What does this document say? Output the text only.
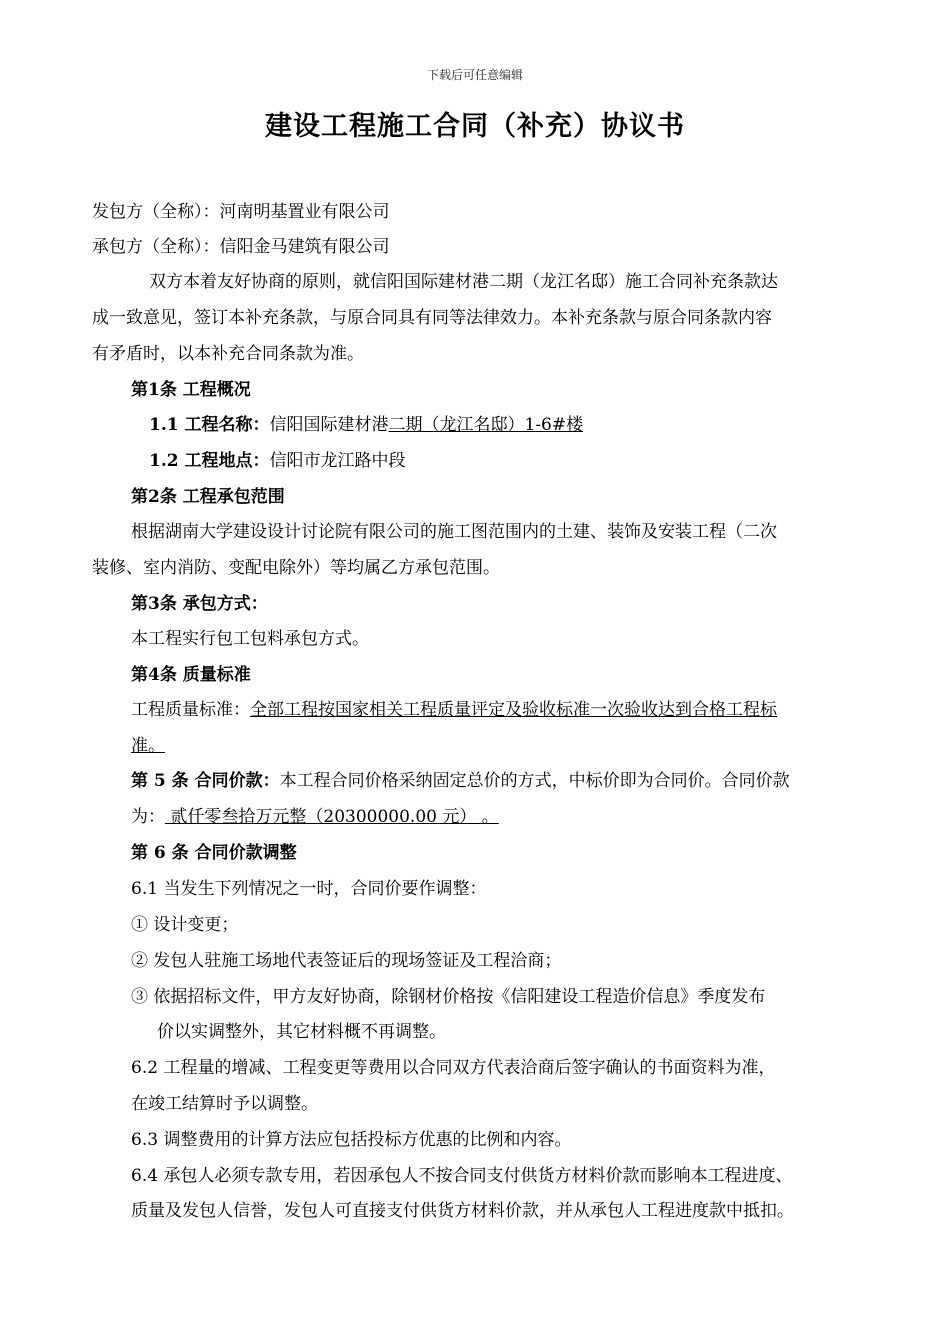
下载后可任意编辑
建设工程施工合同（补充）协议书
发包方（全称）：河南明基置业有限公司
承包方（全称）：信阳金马建筑有限公司
双方本着友好协商的原则，就信阳国际建材港二期（龙江名邸）施工合同补充条款达
成一致意见，签订本补充条款，与原合同具有同等法律效力。本补充条款与原合同条款内容
有矛盾时，以本补充合同条款为准。
第1条 工程概况
1.1 工程名称：信阳国际建材港二期（龙江名邸）1-6#楼
1.2 工程地点：信阳市龙江路中段
第2条 工程承包范围
根据湖南大学建设设计讨论院有限公司的施工图范围内的土建、装饰及安装工程（二次
装修、室内消防、变配电除外）等均属乙方承包范围。
第3条 承包方式：
本工程实行包工包料承包方式。
第4条 质量标准
工程质量标准：全部工程按国家相关工程质量评定及验收标准一次验收达到合格工程标
准。
第 5 条 合同价款：本工程合同价格采纳固定总价的方式，中标价即为合同价。合同价款
为： 贰仟零叁拾万元整（20300000.00 元） 。
第 6 条 合同价款调整
6.1 当发生下列情况之一时，合同价要作调整：
① 设计变更；
② 发包人驻施工场地代表签证后的现场签证及工程洽商；
③ 依据招标文件，甲方友好协商，除钢材价格按《信阳建设工程造价信息》季度发布
价以实调整外，其它材料概不再调整。
6.2 工程量的增减、工程变更等费用以合同双方代表洽商后签字确认的书面资料为准，
在竣工结算时予以调整。
6.3 调整费用的计算方法应包括投标方优惠的比例和内容。
6.4 承包人必须专款专用，若因承包人不按合同支付供货方材料价款而影响本工程进度、
质量及发包人信誉，发包人可直接支付供货方材料价款，并从承包人工程进度款中抵扣。
